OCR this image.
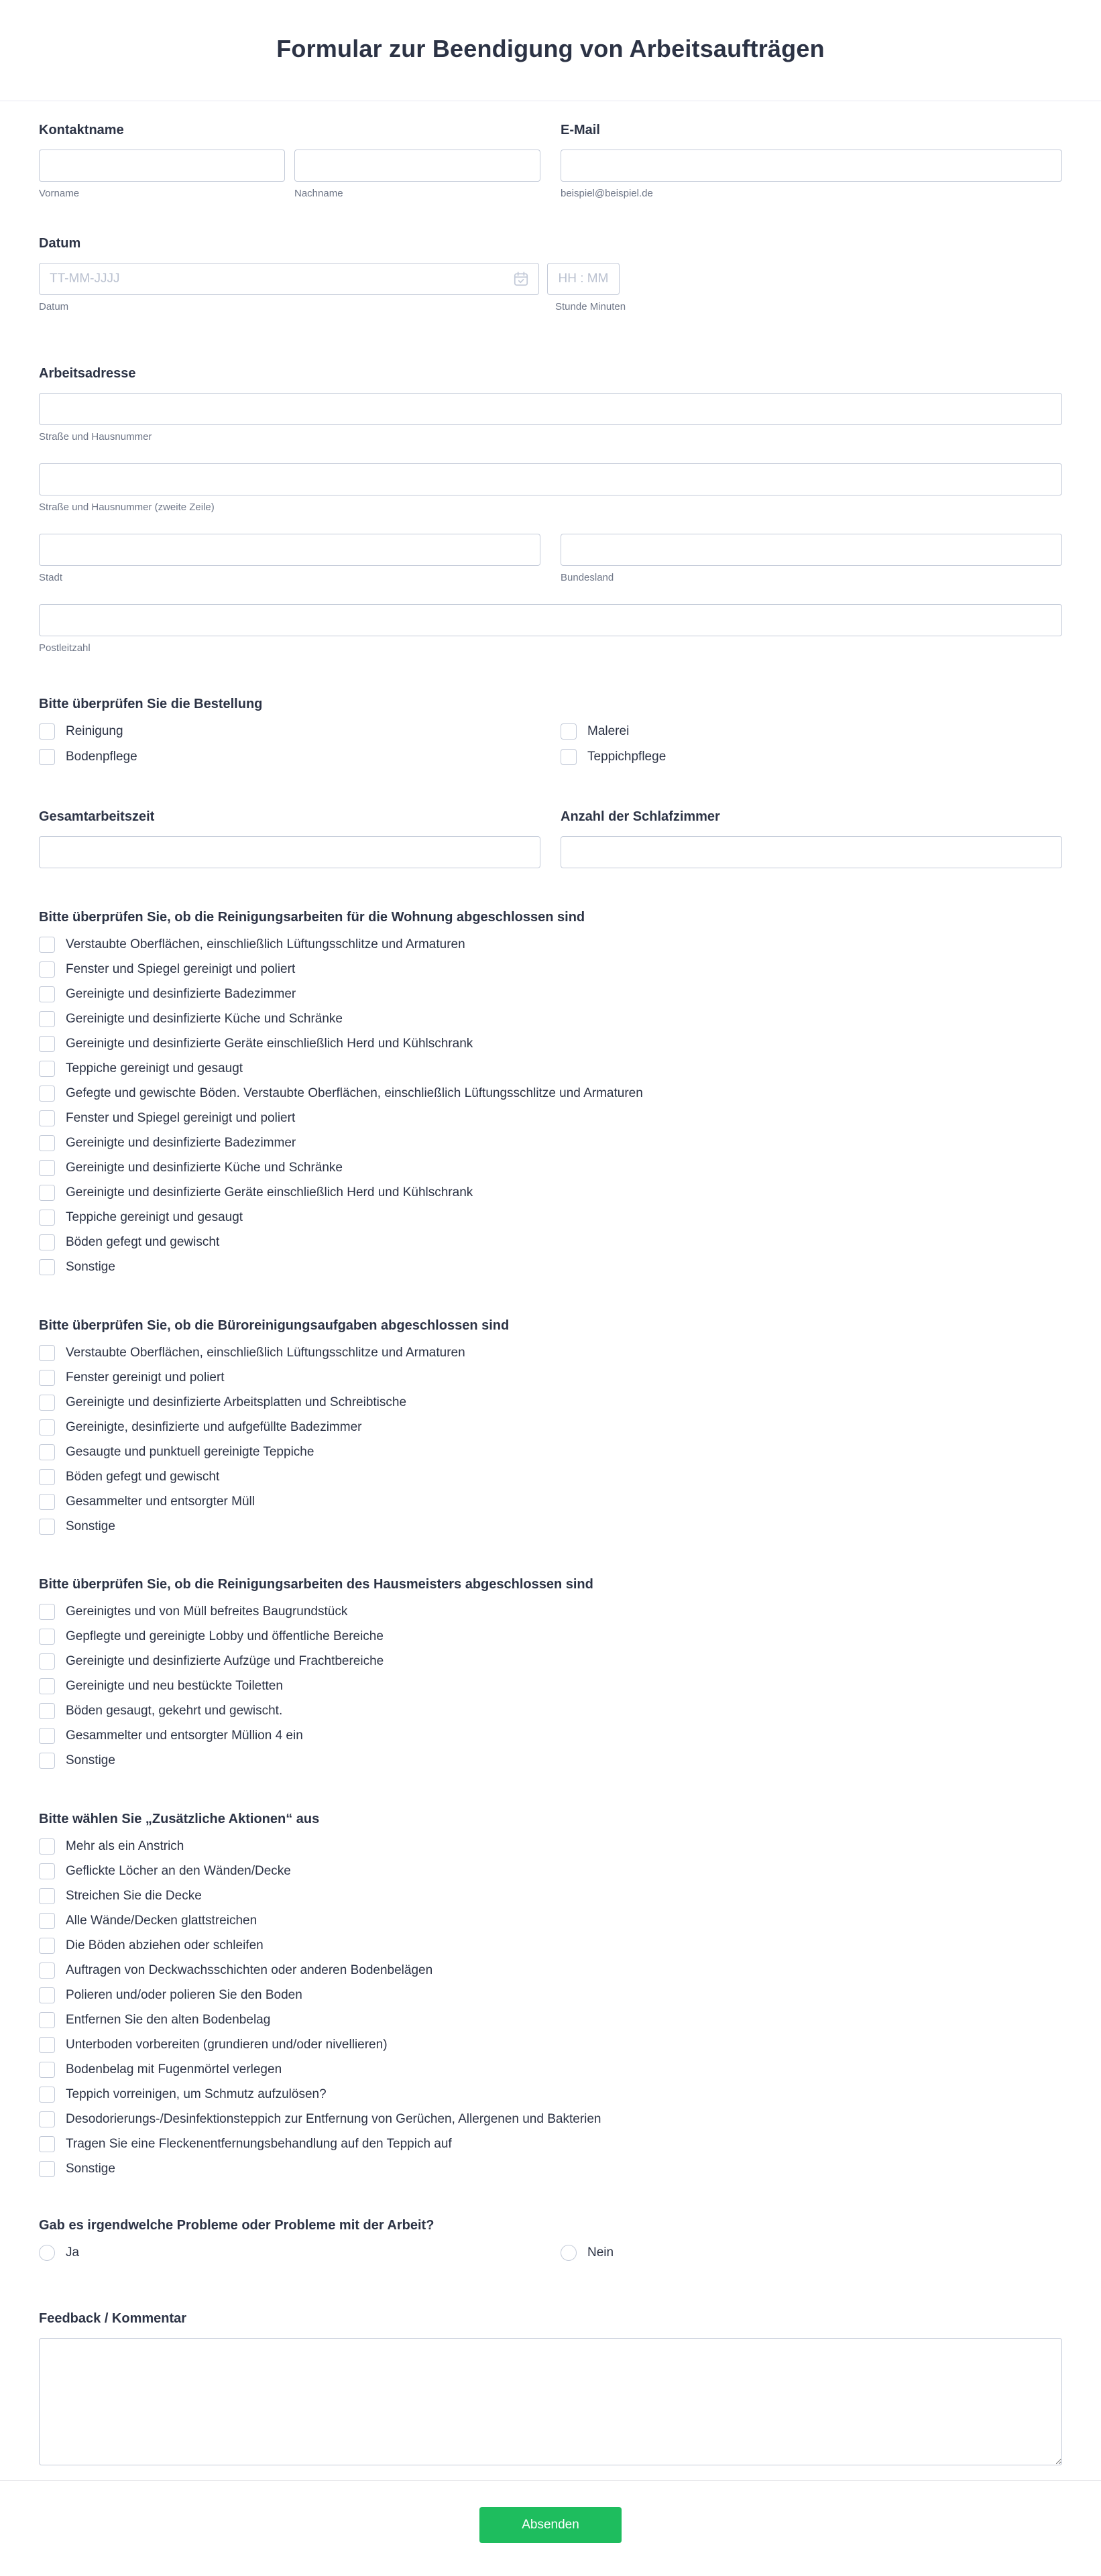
Formular zur Beendigung von Arbeitsaufträgen
Kontaktname
Vorname	Nachname
E-Mail
beispiel@beispiel.de
Datum
TT-MM-JJJJ
Datum
HH : MM	Stunde Minuten
Arbeitsadresse
Straße und Hausnummer
Straße und Hausnummer (zweite Zeile)
Stadt	Bundesland
Postleitzahl
Bitte überprüfen Sie die Bestellung
Reinigung	Malerei
Bodenpflege	Teppichpflege
Gesamtarbeitszeit	Anzahl der Schlafzimmer
Bitte überprüfen Sie, ob die Reinigungsarbeiten für die Wohnung abgeschlossen sind
Verstaubte Oberflächen, einschließlich Lüftungsschlitze und Armaturen
Fenster und Spiegel gereinigt und poliert
Gereinigte und desinfizierte Badezimmer
Gereinigte und desinfizierte Küche und Schränke
Gereinigte und desinfizierte Geräte einschließlich Herd und Kühlschrank
Teppiche gereinigt und gesaugt
Gefegte und gewischte Böden. Verstaubte Oberflächen, einschließlich Lüftungsschlitze und Armaturen
Fenster und Spiegel gereinigt und poliert
Gereinigte und desinfizierte Badezimmer
Gereinigte und desinfizierte Küche und Schränke
Gereinigte und desinfizierte Geräte einschließlich Herd und Kühlschrank
Teppiche gereinigt und gesaugt
Böden gefegt und gewischt
Sonstige
Bitte überprüfen Sie, ob die Büroreinigungsaufgaben abgeschlossen sind
Verstaubte Oberflächen, einschließlich Lüftungsschlitze und Armaturen
Fenster gereinigt und poliert
Gereinigte und desinfizierte Arbeitsplatten und Schreibtische
Gereinigte, desinfizierte und aufgefüllte Badezimmer
Gesaugte und punktuell gereinigte Teppiche
Böden gefegt und gewischt
Gesammelter und entsorgter Müll
Sonstige
Bitte überprüfen Sie, ob die Reinigungsarbeiten des Hausmeisters abgeschlossen sind
Gereinigtes und von Müll befreites Baugrundstück
Gepflegte und gereinigte Lobby und öffentliche Bereiche
Gereinigte und desinfizierte Aufzüge und Frachtbereiche
Gereinigte und neu bestückte Toiletten
Böden gesaugt, gekehrt und gewischt.
Gesammelter und entsorgter Müllion 4 ein
Sonstige
Bitte wählen Sie „Zusätzliche Aktionen“ aus
Mehr als ein Anstrich
Geflickte Löcher an den Wänden/Decke
Streichen Sie die Decke
Alle Wände/Decken glattstreichen
Die Böden abziehen oder schleifen
Auftragen von Deckwachsschichten oder anderen Bodenbelägen
Polieren und/oder polieren Sie den Boden
Entfernen Sie den alten Bodenbelag
Unterboden vorbereiten (grundieren und/oder nivellieren)
Bodenbelag mit Fugenmörtel verlegen
Teppich vorreinigen, um Schmutz aufzulösen?
Desodorierungs-/Desinfektionsteppich zur Entfernung von Gerüchen, Allergenen und Bakterien
Tragen Sie eine Fleckenentfernungsbehandlung auf den Teppich auf
Sonstige
Gab es irgendwelche Probleme oder Probleme mit der Arbeit?
Ja	Nein
Feedback / Kommentar
Absenden
